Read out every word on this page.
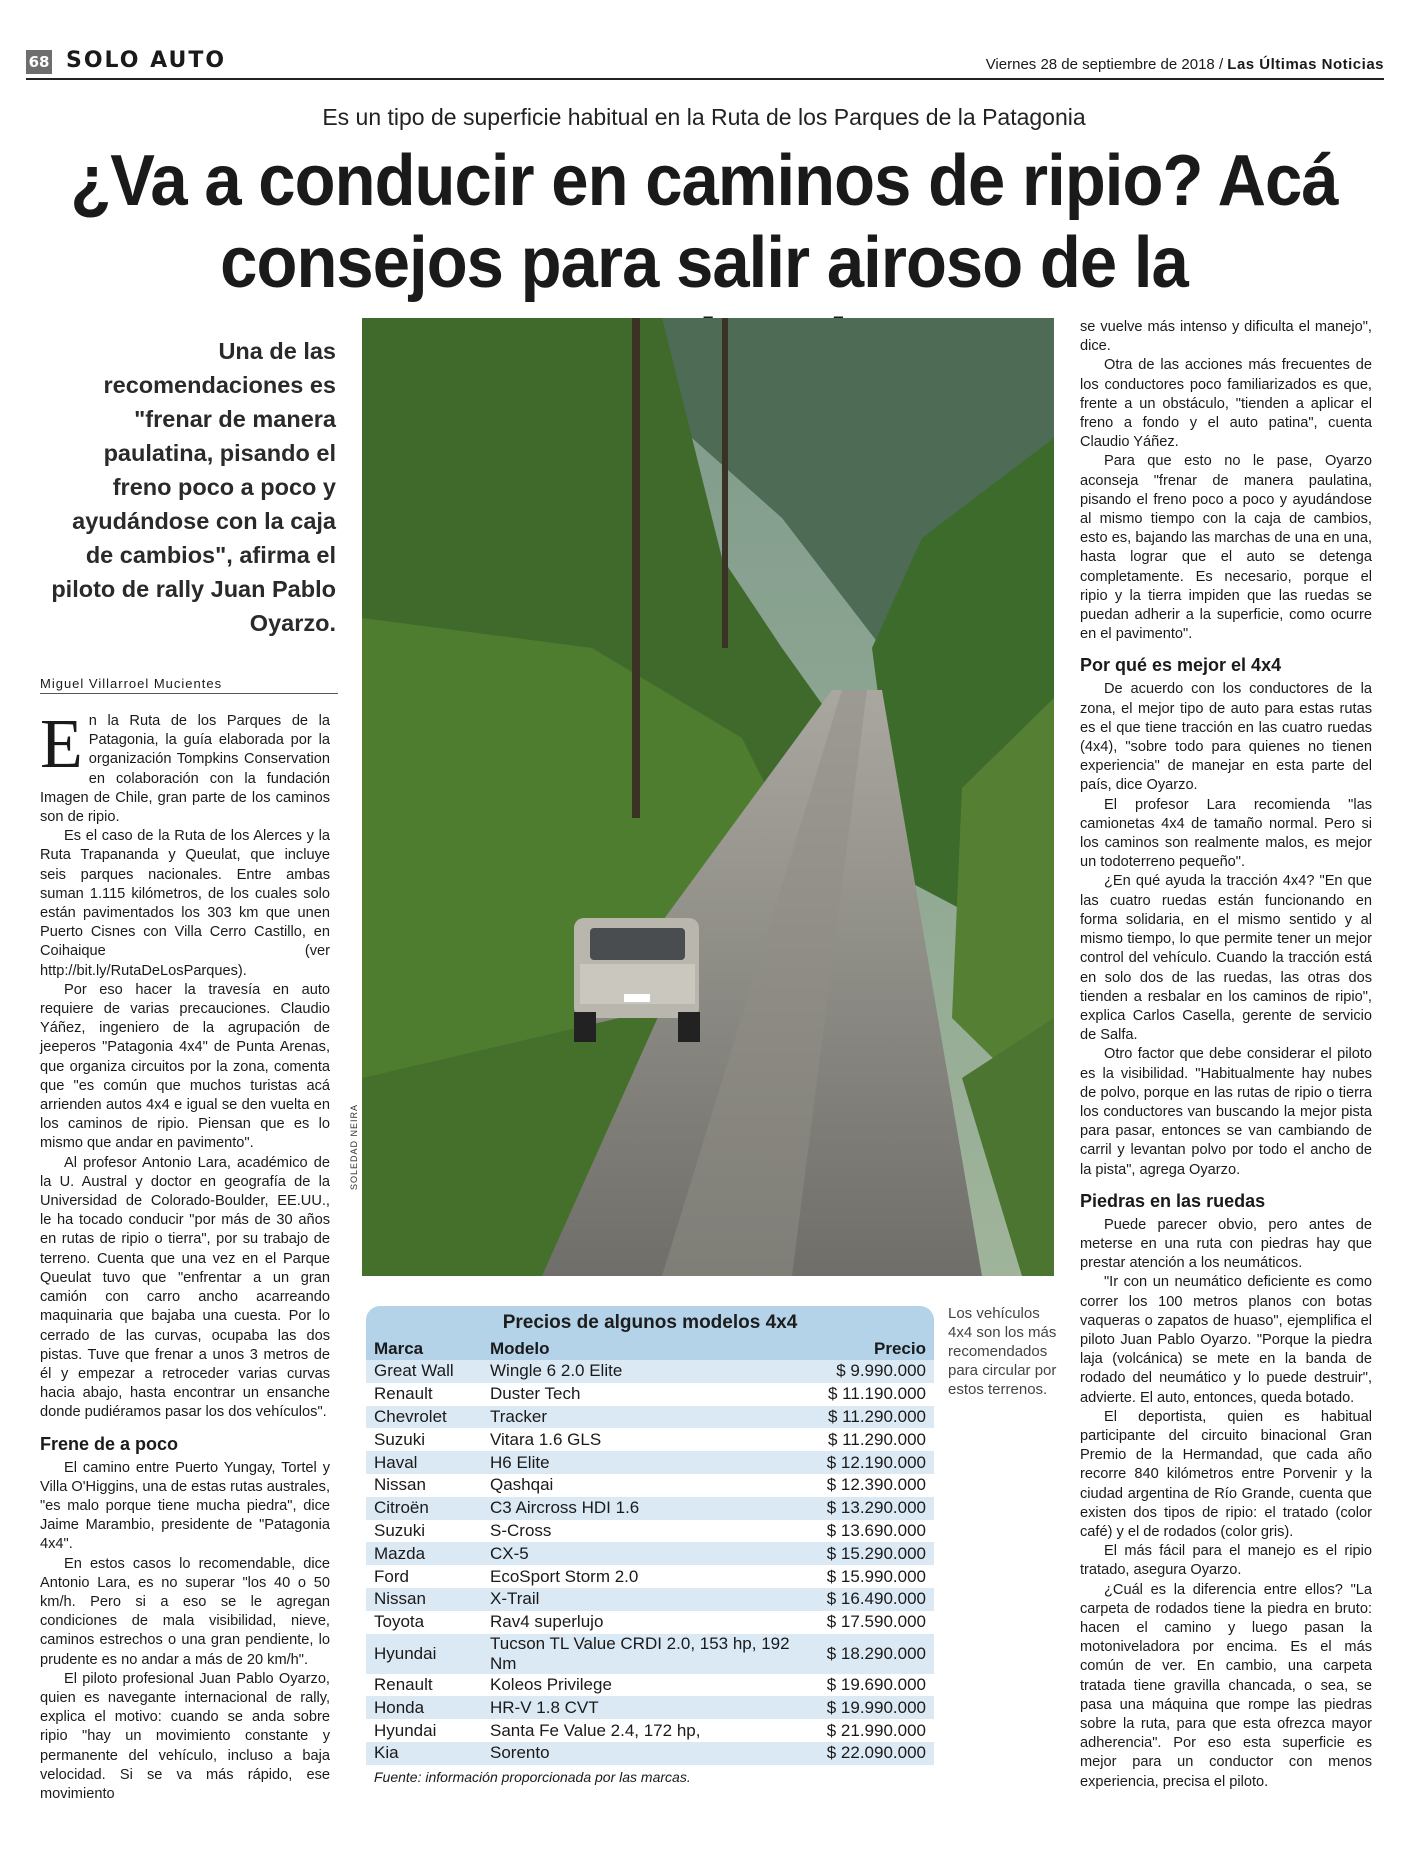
68 SOLO AUTO	Viernes 28 de septiembre de 2018 / Las Últimas Noticias
Es un tipo de superficie habitual en la Ruta de los Parques de la Patagonia
¿Va a conducir en caminos de ripio? Acá
consejos para salir airoso de la
Una de las recomendaciones es "frenar de manera paulatina, pisando el freno poco a poco y ayudándose con la caja de cambios", afirma el piloto de rally Juan Pablo Oyarzo.
Miguel Villarroel Mucientes

En la Ruta de los Parques de la Patagonia, la guía elaborada por la organización Tompkins Conservation en colaboración con la fundación Imagen de Chile, gran parte de los caminos son de ripio.

Es el caso de la Ruta de los Alerces y la Ruta Trapananda y Queulat, que incluye seis parques nacionales. Entre ambas suman 1.115 kilómetros, de los cuales solo están pavimentados los 303 km que unen Puerto Cisnes con Villa Cerro Castillo, en Coihaique (ver http://bit.ly/RutaDeLosParques).

Por eso hacer la travesía en auto requiere de varias precauciones. Claudio Yáñez, ingeniero de la agrupación de jeeperos "Patagonia 4x4" de Punta Arenas, que organiza circuitos por la zona, comenta que "es común que muchos turistas acá arrienden autos 4x4 e igual se den vuelta en los caminos de ripio. Piensan que es lo mismo que andar en pavimento".

Al profesor Antonio Lara, académico de la U. Austral y doctor en geografía de la Universidad de Colorado-Boulder, EE.UU., le ha tocado conducir "por más de 30 años en rutas de ripio o tierra", por su trabajo de terreno. Cuenta que una vez en el Parque Queulat tuvo que "enfrentar a un gran camión con carro ancho acarreando maquinaria que bajaba una cuesta. Por lo cerrado de las curvas, ocupaba las dos pistas. Tuve que frenar a unos 3 metros de él y empezar a retroceder varias curvas hacia abajo, hasta encontrar un ensanche donde pudiéramos pasar los dos vehículos".

Frene de a poco

El camino entre Puerto Yungay, Tortel y Villa O'Higgins, una de estas rutas australes, "es malo porque tiene mucha piedra", dice Jaime Marambio, presidente de "Patagonia 4x4".

En estos casos lo recomendable, dice Antonio Lara, es no superar "los 40 o 50 km/h. Pero si a eso se le agregan condiciones de mala visibilidad, nieve, caminos estrechos o una gran pendiente, lo prudente es no andar a más de 20 km/h".

El piloto profesional Juan Pablo Oyarzo, quien es navegante internacional de rally, explica el motivo: cuando se anda sobre ripio "hay un movimiento constante y permanente del vehículo, incluso a baja velocidad. Si se va más rápido, ese movimiento

SOLEDAD NEIRA

se vuelve más intenso y dificulta el manejo", dice.

Otra de las acciones más frecuentes de los conductores poco familiarizados es que, frente a un obstáculo, "tienden a aplicar el freno a fondo y el auto patina", cuenta Claudio Yáñez.

Para que esto no le pase, Oyarzo aconseja "frenar de manera paulatina, pisando el freno poco a poco y ayudándose al mismo tiempo con la caja de cambios, esto es, bajando las marchas de una en una, hasta lograr que el auto se detenga completamente. Es necesario, porque el ripio y la tierra impiden que las ruedas se puedan adherir a la superficie, como ocurre en el pavimento".

Por qué es mejor el 4x4

De acuerdo con los conductores de la zona, el mejor tipo de auto para estas rutas es el que tiene tracción en las cuatro ruedas (4x4), "sobre todo para quienes no tienen experiencia" de manejar en esta parte del país, dice Oyarzo.

El profesor Lara recomienda "las camionetas 4x4 de tamaño normal. Pero si los caminos son realmente malos, es mejor un todoterreno pequeño".

¿En qué ayuda la tracción 4x4? "En que las cuatro ruedas están funcionando en forma solidaria, en el mismo sentido y al mismo tiempo, lo que permite tener un mejor control del vehículo. Cuando la tracción está en solo dos de las ruedas, las otras dos tienden a resbalar en los caminos de ripio", explica Carlos Casella, gerente de servicio de Salfa.

Otro factor que debe considerar el piloto es la visibilidad. "Habitualmente hay nubes de polvo, porque en las rutas de ripio o tierra los conductores van buscando la mejor pista para pasar, entonces se van cambiando de carril y levantan polvo por todo el ancho de la pista", agrega Oyarzo.

Piedras en las ruedas

Puede parecer obvio, pero antes de meterse en una ruta con piedras hay que prestar atención a los neumáticos.

"Ir con un neumático deficiente es como correr los 100 metros planos con botas vaqueras o zapatos de huaso", ejemplifica el piloto Juan Pablo Oyarzo. "Porque la piedra laja (volcánica) se mete en la banda de rodado del neumático y lo puede destruir", advierte. El auto, entonces, queda botado.

El deportista, quien es habitual participante del circuito binacional Gran Premio de la Hermandad, que cada año recorre 840 kilómetros entre Porvenir y la ciudad argentina de Río Grande, cuenta que existen dos tipos de ripio: el tratado (color café) y el de rodados (color gris).

El más fácil para el manejo es el ripio tratado, asegura Oyarzo.

¿Cuál es la diferencia entre ellos? "La carpeta de rodados tiene la piedra en bruto: hacen el camino y luego pasan la motoniveladora por encima. Es el más común de ver. En cambio, una carpeta tratada tiene gravilla chancada, o sea, se pasa una máquina que rompe las piedras sobre la ruta, para que esta ofrezca mayor adherencia". Por eso esta superficie es mejor para un conductor con menos experiencia, precisa el piloto.

Precios de algunos modelos 4x4
Marca	Modelo	Precio
Great Wall	Wingle 6 2.0 Elite	$ 9.990.000
Renault	Duster Tech	$ 11.190.000
Chevrolet	Tracker	$ 11.290.000
Suzuki	Vitara 1.6 GLS	$ 11.290.000
Haval	H6 Elite	$ 12.190.000
Nissan	Qashqai	$ 12.390.000
Citroën	C3 Aircross HDI 1.6	$ 13.290.000
Suzuki	S-Cross	$ 13.690.000
Mazda	CX-5	$ 15.290.000
Ford	EcoSport Storm 2.0	$ 15.990.000
Nissan	X-Trail	$ 16.490.000
Toyota	Rav4 superlujo	$ 17.590.000
Hyundai	Tucson TL Value CRDI 2.0, 153 hp, 192 Nm	$ 18.290.000
Renault	Koleos Privilege	$ 19.690.000
Honda	HR-V 1.8 CVT	$ 19.990.000
Hyundai	Santa Fe Value 2.4, 172 hp,	$ 21.990.000
Kia	Sorento	$ 22.090.000
Fuente: información proporcionada por las marcas.
Los vehículos 4x4 son los más recomendados para circular por estos terrenos.
